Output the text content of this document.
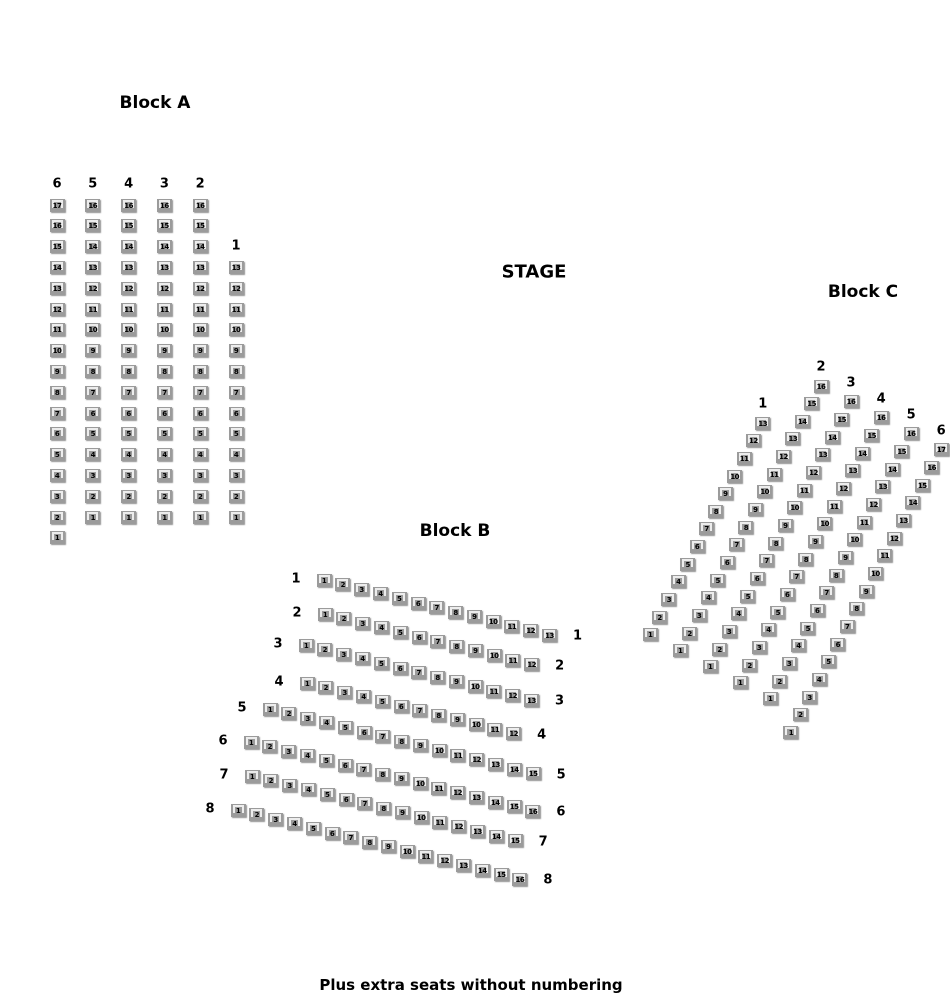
Block A
Block B
Block C
STAGE
Plus extra seats without numbering
17
6
16
15
14
13
12
11
10
9
8
7
6
5
4
3
2
1
16
5
15
14
13
12
11
10
9
8
7
6
5
4
3
2
1
16
4
15
14
13
12
11
10
9
8
7
6
5
4
3
2
1
16
3
15
14
13
12
11
10
9
8
7
6
5
4
3
2
1
16
2
15
14
13
12
11
10
9
8
7
6
5
4
3
2
1
13
1
12
11
10
9
8
7
6
5
4
3
2
1
1
2
3
4
5
6
7
8
9
10
11
12
13
1
1
1
2
3
4
5
6
7
8
9
10
11
12
2
2
1
2
3
4
5
6
7
8
9
10
11
12
13
3
3
1
2
3
4
5
6
7
8
9
10
11
12
4
4
1
2
3
4
5
6
7
8
9
10
11
12
13
14
15
5
5
1
2
3
4
5
6
7
8
9
10
11
12
13
14
15
16
6
6
1
2
3
4
5
6
7
8
9
10
11
12
13
14
15
7
7
1
2
3
4
5
6
7
8
9
10
11
12
13
14
15
16
8
8
13
1
12
11
10
9
8
7
6
5
4
3
2
1
16
2
15
14
13
12
11
10
9
8
7
6
5
4
3
2
1
16
3
15
14
13
12
11
10
9
8
7
6
5
4
3
2
1
16
4
15
14
13
12
11
10
9
8
7
6
5
4
3
2
1
16
5
15
14
13
12
11
10
9
8
7
6
5
4
3
2
1
17
6
16
15
14
13
12
11
10
9
8
7
6
5
4
3
2
1
